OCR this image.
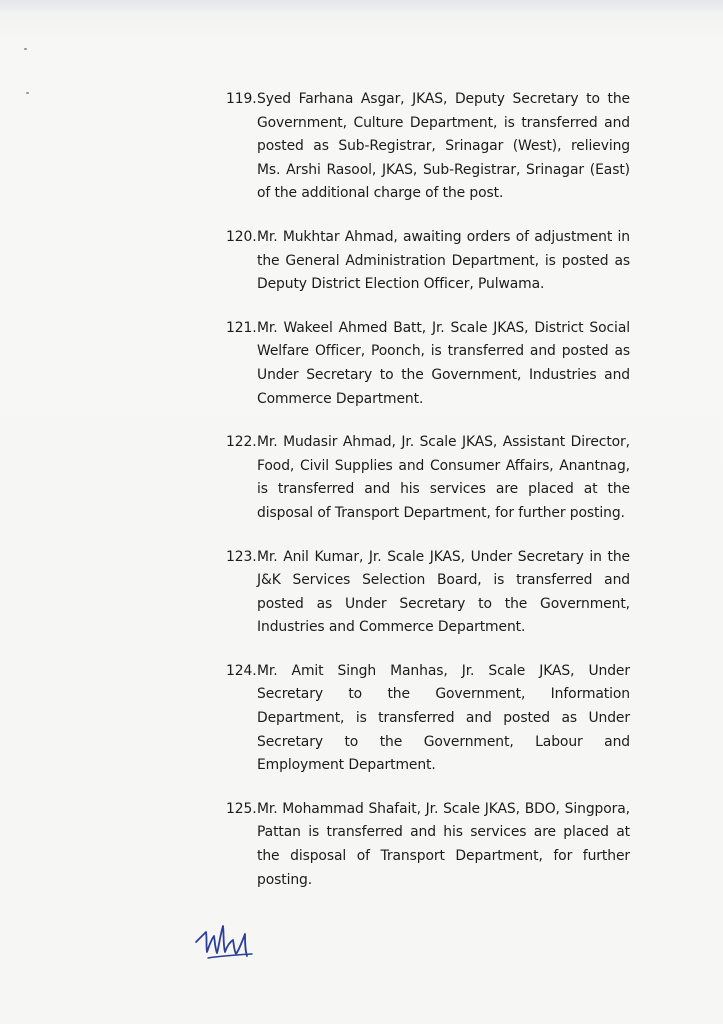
119. Syed Farhana Asgar, JKAS, Deputy Secretary to the Government, Culture Department, is transferred and posted as Sub-Registrar, Srinagar (West), relieving Ms. Arshi Rasool, JKAS, Sub-Registrar, Srinagar (East) of the additional charge of the post.
120. Mr. Mukhtar Ahmad, awaiting orders of adjustment in the General Administration Department, is posted as Deputy District Election Officer, Pulwama.
121. Mr. Wakeel Ahmed Batt, Jr. Scale JKAS, District Social Welfare Officer, Poonch, is transferred and posted as Under Secretary to the Government, Industries and Commerce Department.
122. Mr. Mudasir Ahmad, Jr. Scale JKAS, Assistant Director, Food, Civil Supplies and Consumer Affairs, Anantnag, is transferred and his services are placed at the disposal of Transport Department, for further posting.
123. Mr. Anil Kumar, Jr. Scale JKAS, Under Secretary in the J&K Services Selection Board, is transferred and posted as Under Secretary to the Government, Industries and Commerce Department.
124. Mr. Amit Singh Manhas, Jr. Scale JKAS, Under Secretary to the Government, Information Department, is transferred and posted as Under Secretary to the Government, Labour and Employment Department.
125. Mr. Mohammad Shafait, Jr. Scale JKAS, BDO, Singpora, Pattan is transferred and his services are placed at the disposal of Transport Department, for further posting.
